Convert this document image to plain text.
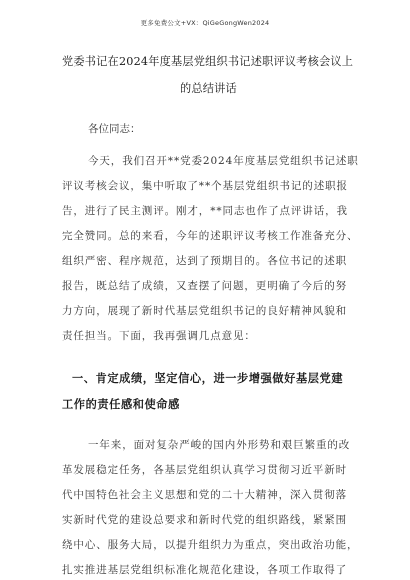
更多免费公文+VX：QiGeGongWen2024
党委书记在2024年度基层党组织书记述职评议考核会议上
的总结讲话
各位同志：
今天，我们召开**党委2024年度基层党组织书记述职
评议考核会议，集中听取了**个基层党组织书记的述职报
告，进行了民主测评。刚才，**同志也作了点评讲话，我
完全赞同。总的来看，今年的述职评议考核工作准备充分、
组织严密、程序规范，达到了预期目的。各位书记的述职
报告，既总结了成绩，又查摆了问题，更明确了今后的努
力方向，展现了新时代基层党组织书记的良好精神风貌和
责任担当。下面，我再强调几点意见：
一、肯定成绩，坚定信心，进一步增强做好基层党建
工作的责任感和使命感
一年来，面对复杂严峻的国内外形势和艰巨繁重的改
革发展稳定任务，各基层党组织认真学习贯彻习近平新时
代中国特色社会主义思想和党的二十大精神，深入贯彻落
实新时代党的建设总要求和新时代党的组织路线，紧紧围
绕中心、服务大局，以提升组织力为重点，突出政治功能，
扎实推进基层党组织标准化规范化建设，各项工作取得了
